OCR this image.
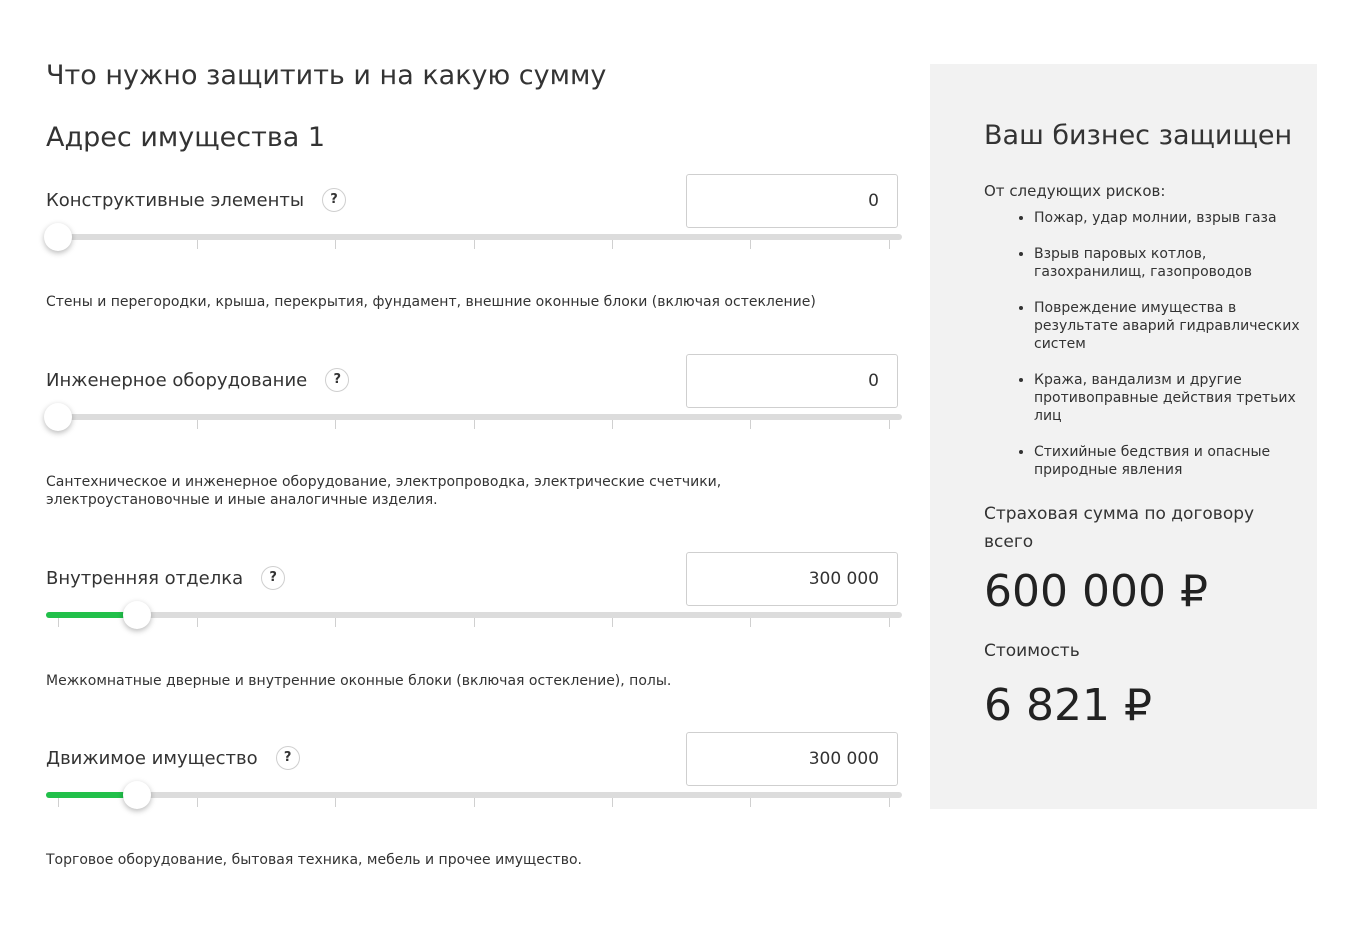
Что нужно защитить и на какую сумму
Адрес имущества 1
Конструктивные элементы	?
0

Стены и перегородки, крыша, перекрытия, фундамент, внешние оконные блоки (включая остекление)

Инженерное оборудование	?
0

Сантехническое и инженерное оборудование, электропроводка, электрические счетчики, электроустановочные и иные аналогичные изделия.

Внутренняя отделка	?
300 000

Межкомнатные дверные и внутренние оконные блоки (включая остекление), полы.

Движимое имущество	?
300 000

Торговое оборудование, бытовая техника, мебель и прочее имущество.

Ваш бизнес защищен

От следующих рисков:

• Пожар, удар молнии, взрыв газа
• Взрыв паровых котлов, газохранилищ, газопроводов
• Повреждение имущества в результате аварий гидравлических систем
• Кража, вандализм и другие противоправные действия третьих лиц
• Стихийные бедствия и опасные природные явления

Страховая сумма по договору всего

600 000 ₽

Стоимость

6 821 ₽
